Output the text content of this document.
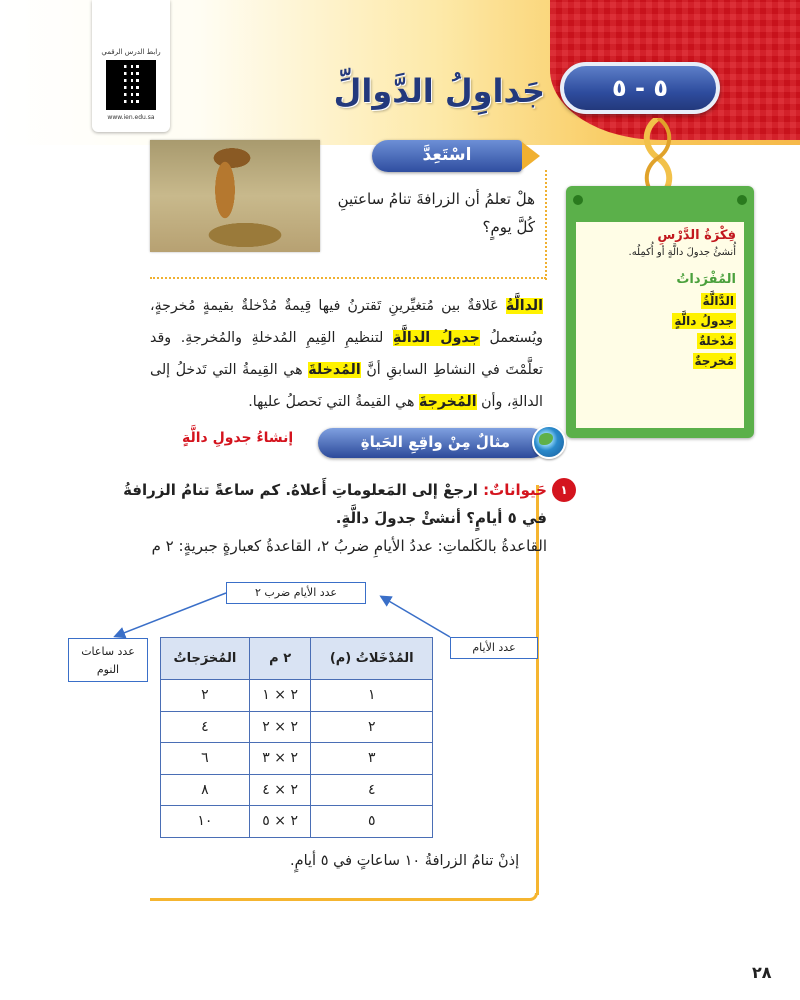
رابط الدرس الرقمي
www.ien.edu.sa
جَداوِلُ الدَّوالِّ	٥ - ٥
اسْتَعِدَّ
هلْ تعلمُ أن الزرافةَ تنامُ ساعتينِ كُلَّ يومٍ؟	فِكْرَةُ الدَّرْسِ
أُنشئُ جدولَ دالَّةٍ أو أُكمِلُه.
المُفْرَداتُ
الدَّالَّةُ
جدولُ دالَّةٍ
مُدْخلةٌ
مُخرجةٌ

الدالَّةُ عَلاقةٌ بين مُتغيِّرينِ تَقترنُ فيها قِيمةٌ مُدْخلةٌ بقيمةٍ مُخرجةٍ، ويُستعملُ جدولُ الدالَّةِ لتنظيمِ القِيمِ المُدخلةِ والمُخرجةِ. وقد تعلَّمْتَ في النشاطِ السابقِ أنَّ المُدخلةَ هي القِيمةُ التي تَدخلُ إلى الدالةِ، وأن المُخرجةَ هي القيمةُ التي نَحصلُ عليها.

مثالٌ مِنْ واقِعِ الحَياةِ
إنشاءُ جدولِ دالَّةٍ
١
حَيواناتٌ: ارجعْ إلى المَعلوماتِ أَعلاهُ. كم ساعةً تنامُ الزرافةُ في ٥ أيامٍ؟ أنشئْ جدولَ دالَّةٍ.
القاعدةُ بالكَلماتِ: عددُ الأيامِ ضربُ ٢، القاعدةُ كعبارةٍ جبريةٍ: ٢ م
عدد الأيام ضرب ٢
عدد الأيام
عدد ساعات النوم
المُدْخَلاتُ (م)	٢ م	المُخرَجاتُ
١	٢ × ١	٢
٢	٢ × ٢	٤
٣	٢ × ٣	٦
٤	٢ × ٤	٨
٥	٢ × ٥	١٠
إذنْ تنامُ الزرافةُ ١٠ ساعاتٍ في ٥ أيامٍ.
٢٨
